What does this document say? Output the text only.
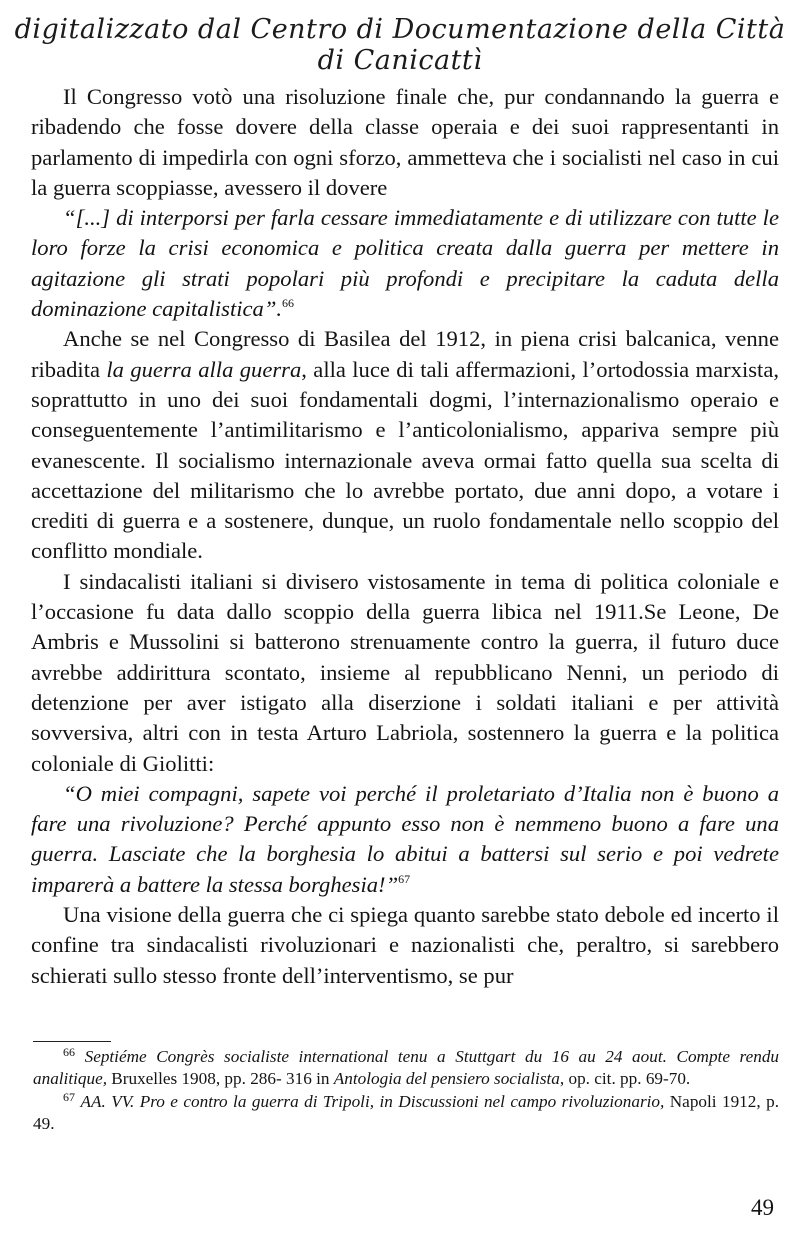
digitalizzato dal Centro di Documentazione della Città di Canicattì

Il Congresso votò una risoluzione finale che, pur condannando la guerra e ribadendo che fosse dovere della classe operaia e dei suoi rappresentanti in parlamento di impedirla con ogni sforzo, ammetteva che i socialisti nel caso in cui la guerra scoppiasse, avessero il dovere

“[...] di interporsi per farla cessare immediatamente e di utilizzare con tutte le loro forze la crisi economica e politica creata dalla guerra per mettere in agitazione gli strati popolari più profondi e precipitare la caduta della dominazione capitalistica”.$^{66}$

Anche se nel Congresso di Basilea del 1912, in piena crisi balcanica, venne ribadita la guerra alla guerra, alla luce di tali affermazioni, l’ortodossia marxista, soprattutto in uno dei suoi fondamentali dogmi, l’internazionalismo operaio e conseguentemente l’antimilitarismo e l’anticolonialismo, appariva sempre più evanescente. Il socialismo internazionale aveva ormai fatto quella sua scelta di accettazione del militarismo che lo avrebbe portato, due anni dopo, a votare i crediti di guerra e a sostenere, dunque, un ruolo fondamentale nello scoppio del conflitto mondiale.

I sindacalisti italiani si divisero vistosamente in tema di politica coloniale e l’occasione fu data dallo scoppio della guerra libica nel 1911.Se Leone, De Ambris e Mussolini si batterono strenuamente contro la guerra, il futuro duce avrebbe addirittura scontato, insieme al repubblicano Nenni, un periodo di detenzione per aver istigato alla diserzione i soldati italiani e per attività sovversiva, altri con in testa Arturo Labriola, sostennero la guerra e la politica coloniale di Giolitti:

“O miei compagni, sapete voi perché il proletariato d’Italia non è buono a fare una rivoluzione? Perché appunto esso non è nemmeno buono a fare una guerra. Lasciate che la borghesia lo abitui a battersi sul serio e poi vedrete imparerà a battere la stessa borghesia!”$^{67}$

Una visione della guerra che ci spiega quanto sarebbe stato debole ed incerto il confine tra sindacalisti rivoluzionari e nazionalisti che, peraltro, si sarebbero schierati sullo stesso fronte dell’interventismo, se pur

$^{66}$ Septiéme Congrès socialiste international tenu a Stuttgart du 16 au 24 aout. Compte rendu analitique, Bruxelles 1908, pp. 286- 316 in Antologia del pensiero socialista, op. cit. pp. 69-70.

$^{67}$ AA. VV. Pro e contro la guerra di Tripoli, in Discussioni nel campo rivoluzionario, Napoli 1912, p. 49.

49
